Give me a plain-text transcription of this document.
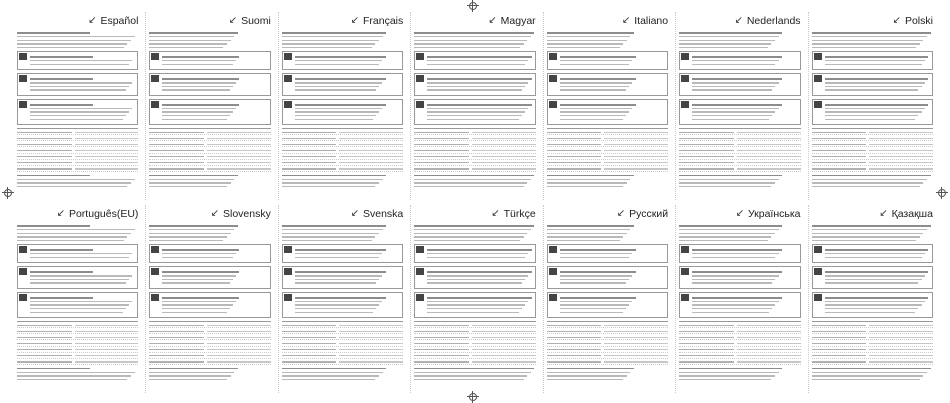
↙ Español	↙ Suomi	↙ Français	↙ Magyar	↙ Italiano	↙ Nederlands	↙ Polski
↙ Português(EU)	↙ Slovensky	↙ Svenska	↙ Türkçe	↙ Русский	↙ Українська	↙ Қазақша
